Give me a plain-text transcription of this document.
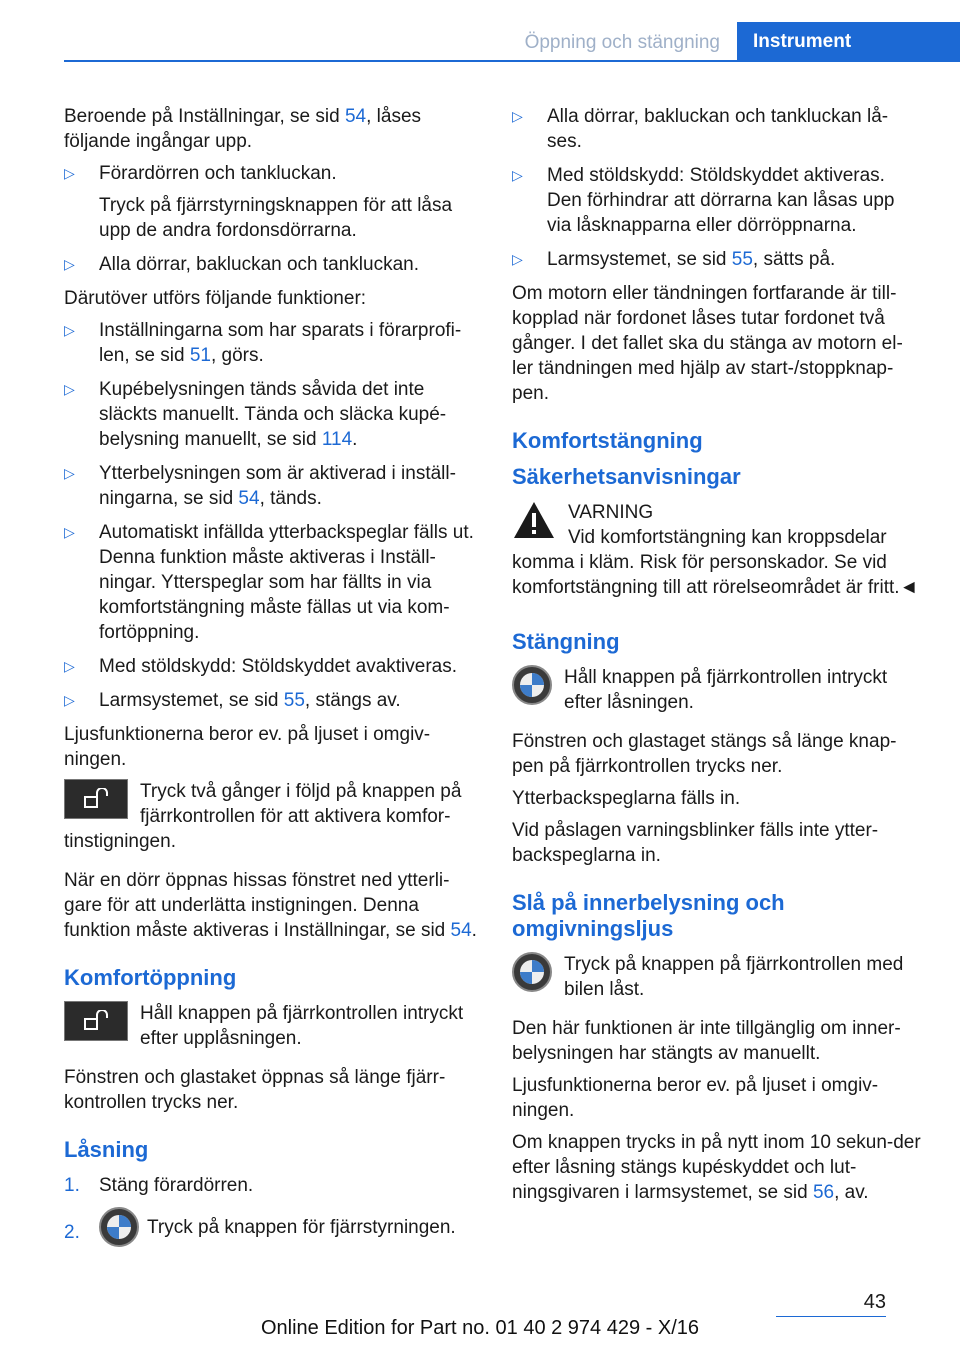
Öppning och stängning	Instrument

Beroende på Inställningar, se sid 54, låses följande ingångar upp.

▷ Förardörren och tankluckan.

Tryck på fjärrstyrningsknappen för att låsa upp de andra fordonsdörrarna.

▷ Alla dörrar, bakluckan och tankluckan.

Därutöver utförs följande funktioner:

▷ Inställningarna som har sparats i förarprofi-len, se sid 51, görs.

▷ Kupébelysningen tänds såvida det inte släckts manuellt. Tända och släcka kupé-belysning manuellt, se sid 114.

▷ Ytterbelysningen som är aktiverad i inställ-ningarna, se sid 54, tänds.

▷ Automatiskt infällda ytterbackspeglar fälls ut. Denna funktion måste aktiveras i Inställ-ningar. Ytterspeglar som har fällts in via komfortstängning måste fällas ut via kom-fortöppning.

▷ Med stöldskydd: Stöldskyddet avaktiveras.

▷ Larmsystemet, se sid 55, stängs av.

Ljusfunktionerna beror ev. på ljuset i omgiv-ningen.

Tryck två gånger i följd på knappen på fjärrkontrollen för att aktivera komfor-tinstigningen.

När en dörr öppnas hissas fönstret ned ytterli-gare för att underlätta instigningen. Denna funktion måste aktiveras i Inställningar, se sid 54.

Komfortöppning

Håll knappen på fjärrkontrollen intryckt efter upplåsningen.

Fönstren och glastaket öppnas så länge fjärr-kontrollen trycks ner.

Låsning
1. Stäng förardörren.
2.	Tryck på knappen för fjärrstyrningen.
▷ Alla dörrar, bakluckan och tankluckan lå-ses.

▷ Med stöldskydd: Stöldskyddet aktiveras. Den förhindrar att dörrarna kan låsas upp via låsknapparna eller dörröppnarna.

▷ Larmsystemet, se sid 55, sätts på.

Om motorn eller tändningen fortfarande är till-kopplad när fordonet låses tutar fordonet två gånger. I det fallet ska du stänga av motorn el-ler tändningen med hjälp av start-/stoppknap-pen.

Komfortstängning
Säkerhetsanvisningar

VARNING

Vid komfortstängning kan kroppsdelar komma i kläm. Risk för personskador. Se vid komfortstängning till att rörelseområdet är fritt.◄

Stängning

Håll knappen på fjärrkontrollen intryckt efter låsningen.

Fönstren och glastaget stängs så länge knap-pen på fjärrkontrollen trycks ner.

Ytterbackspeglarna fälls in.

Vid påslagen varningsblinker fälls inte ytter-backspeglarna in.

Slå på innerbelysning och omgivningsljus

Tryck på knappen på fjärrkontrollen med bilen låst.

Den här funktionen är inte tillgänglig om inner-belysningen har stängts av manuellt.

Ljusfunktionerna beror ev. på ljuset i omgiv-ningen.

Om knappen trycks in på nytt inom 10 sekun-der efter låsning stängs kupéskyddet och lut-ningsgivaren i larmsystemet, se sid 56, av.

43
Online Edition for Part no. 01 40 2 974 429 - X/16
